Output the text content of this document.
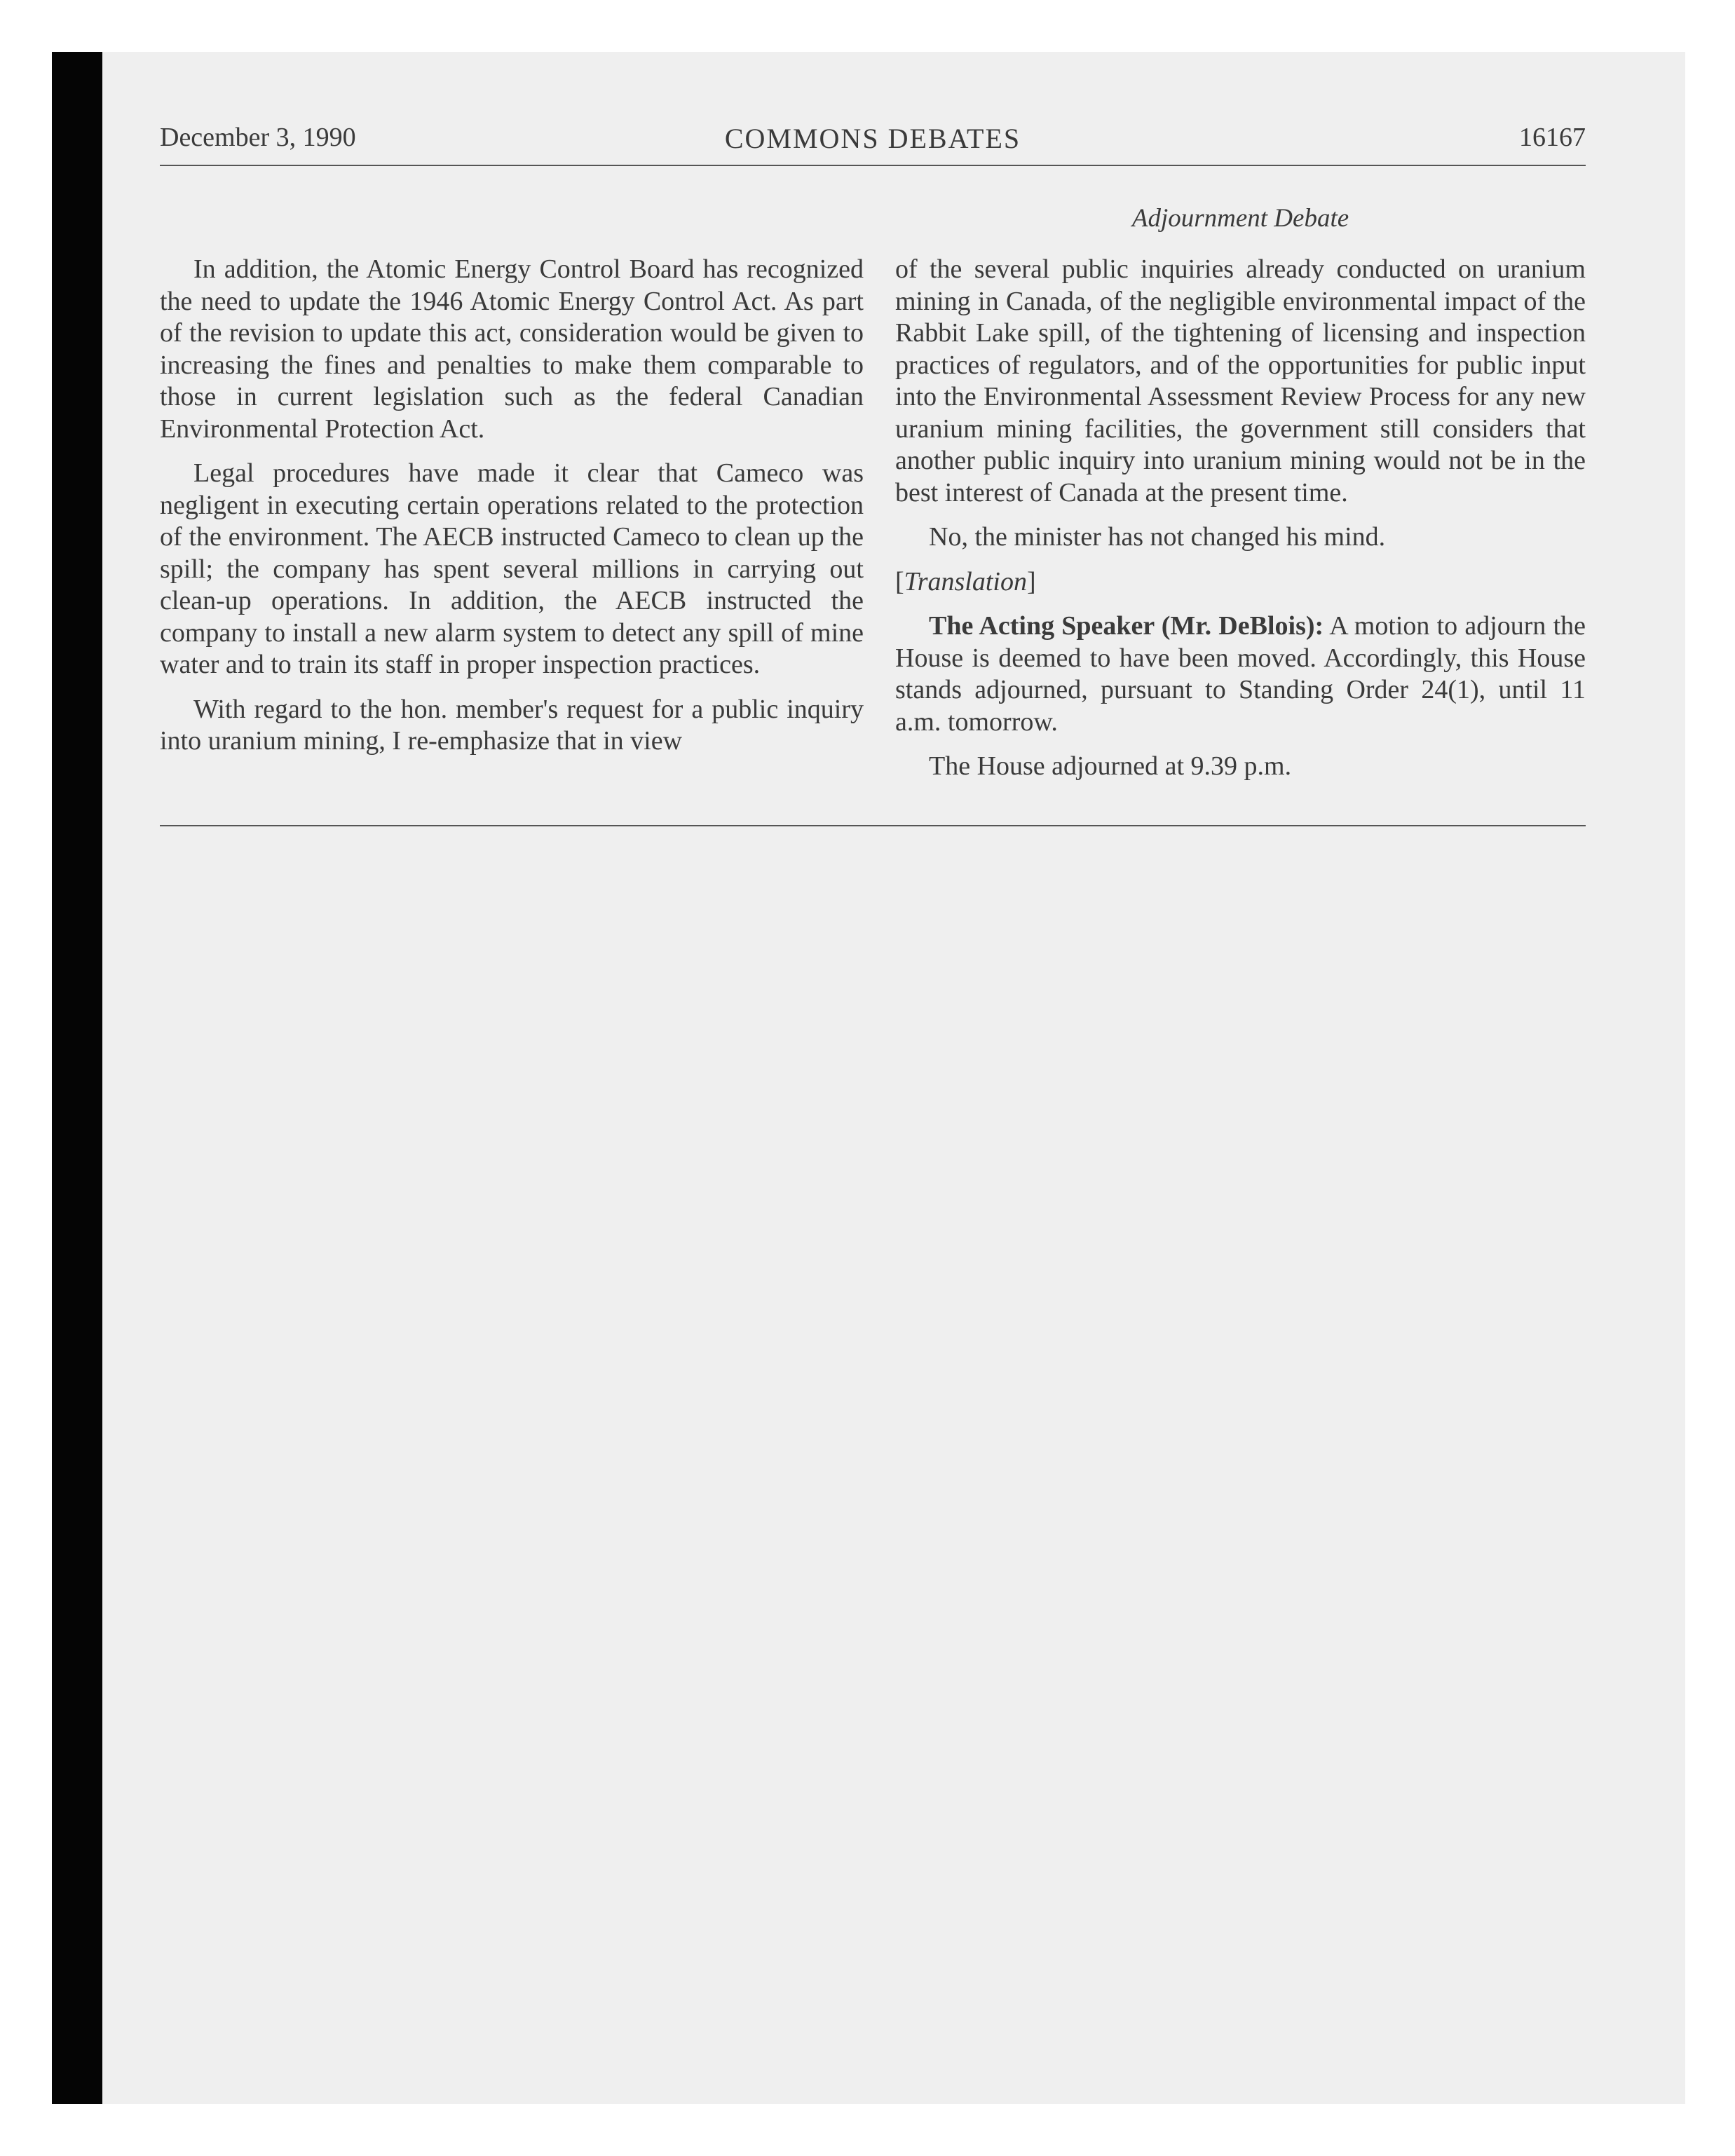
December 3, 1990	COMMONS DEBATES	16167
Adjournment Debate

In addition, the Atomic Energy Control Board has recognized the need to update the 1946 Atomic Energy Control Act. As part of the revision to update this act, consideration would be given to increasing the fines and penalties to make them comparable to those in current legislation such as the federal Canadian Environmental Protection Act.

Legal procedures have made it clear that Cameco was negligent in executing certain operations related to the protection of the environment. The AECB instructed Cameco to clean up the spill; the company has spent several millions in carrying out clean-up operations. In addition, the AECB instructed the company to install a new alarm system to detect any spill of mine water and to train its staff in proper inspection practices.

With regard to the hon. member's request for a public inquiry into uranium mining, I re-emphasize that in view

of the several public inquiries already conducted on uranium mining in Canada, of the negligible environmental impact of the Rabbit Lake spill, of the tightening of licensing and inspection practices of regulators, and of the opportunities for public input into the Environmental Assessment Review Process for any new uranium mining facilities, the government still considers that another public inquiry into uranium mining would not be in the best interest of Canada at the present time.

No, the minister has not changed his mind.

[Translation]

The Acting Speaker (Mr. DeBlois): A motion to adjourn the House is deemed to have been moved. Accordingly, this House stands adjourned, pursuant to Standing Order 24(1), until 11 a.m. tomorrow.

The House adjourned at 9.39 p.m.
